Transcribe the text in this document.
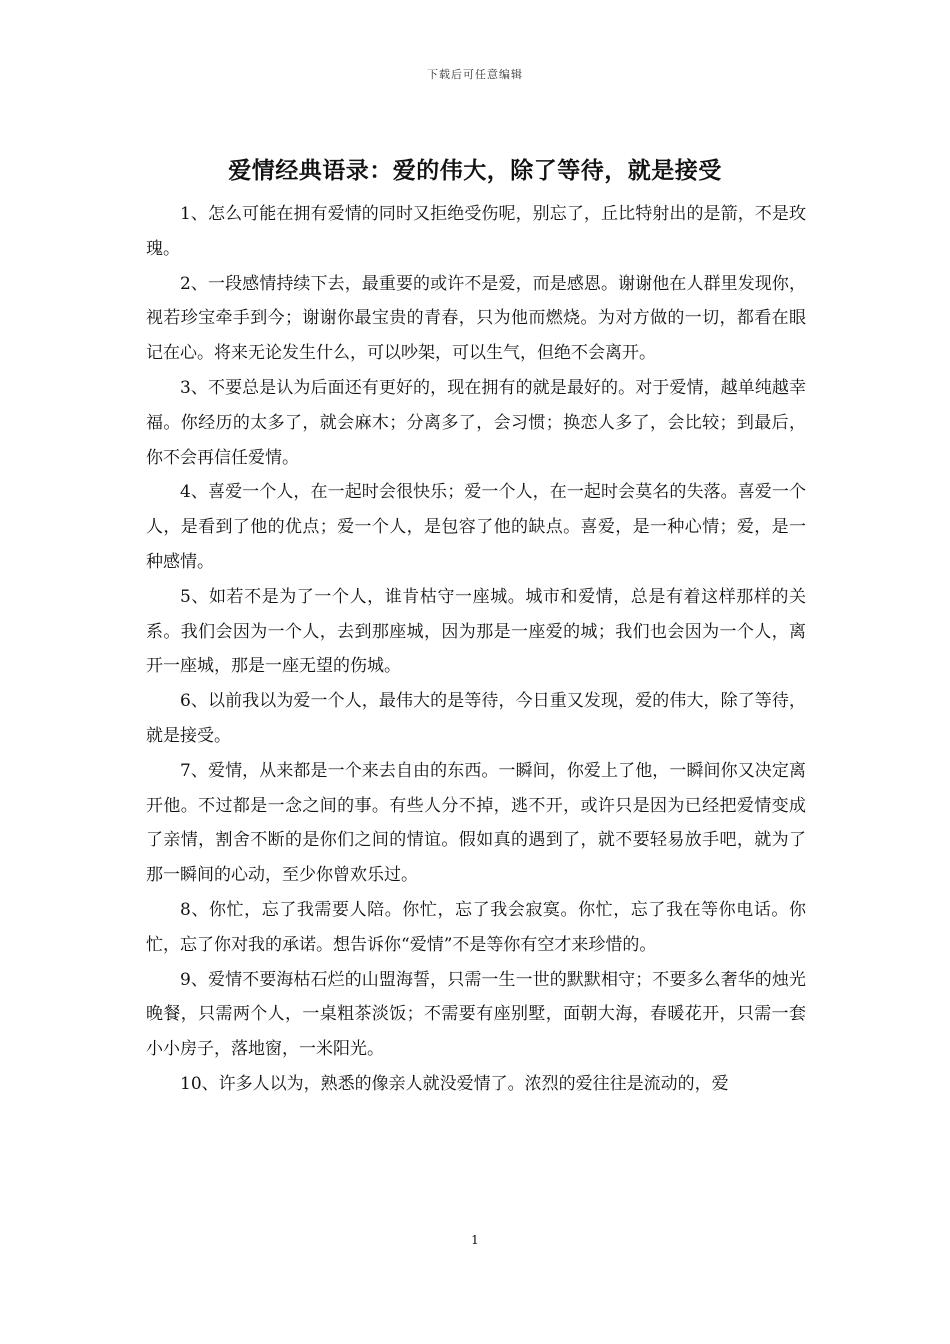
下载后可任意编辑
爱情经典语录：爱的伟大，除了等待，就是接受

1、怎么可能在拥有爱情的同时又拒绝受伤呢，别忘了，丘比特射出的是箭，不是玫瑰。

2、一段感情持续下去，最重要的或许不是爱，而是感恩。谢谢他在人群里发现你，视若珍宝牵手到今；谢谢你最宝贵的青春，只为他而燃烧。为对方做的一切，都看在眼记在心。将来无论发生什么，可以吵架，可以生气，但绝不会离开。

3、不要总是认为后面还有更好的，现在拥有的就是最好的。对于爱情，越单纯越幸福。你经历的太多了，就会麻木；分离多了，会习惯；换恋人多了，会比较；到最后，你不会再信任爱情。

4、喜爱一个人，在一起时会很快乐；爱一个人，在一起时会莫名的失落。喜爱一个人，是看到了他的优点；爱一个人，是包容了他的缺点。喜爱，是一种心情；爱，是一种感情。

5、如若不是为了一个人，谁肯枯守一座城。城市和爱情，总是有着这样那样的关系。我们会因为一个人，去到那座城，因为那是一座爱的城；我们也会因为一个人，离开一座城，那是一座无望的伤城。

6、以前我以为爱一个人，最伟大的是等待，今日重又发现，爱的伟大，除了等待，就是接受。

7、爱情，从来都是一个来去自由的东西。一瞬间，你爱上了他，一瞬间你又决定离开他。不过都是一念之间的事。有些人分不掉，逃不开，或许只是因为已经把爱情变成了亲情，割舍不断的是你们之间的情谊。假如真的遇到了，就不要轻易放手吧，就为了那一瞬间的心动，至少你曾欢乐过。

8、你忙，忘了我需要人陪。你忙，忘了我会寂寞。你忙，忘了我在等你电话。你忙，忘了你对我的承诺。想告诉你“爱情”不是等你有空才来珍惜的。

9、爱情不要海枯石烂的山盟海誓，只需一生一世的默默相守；不要多么奢华的烛光晚餐，只需两个人，一桌粗茶淡饭；不需要有座别墅，面朝大海，春暖花开，只需一套小小房子，落地窗，一米阳光。

10、许多人以为，熟悉的像亲人就没爱情了。浓烈的爱往往是流动的，爱

1
